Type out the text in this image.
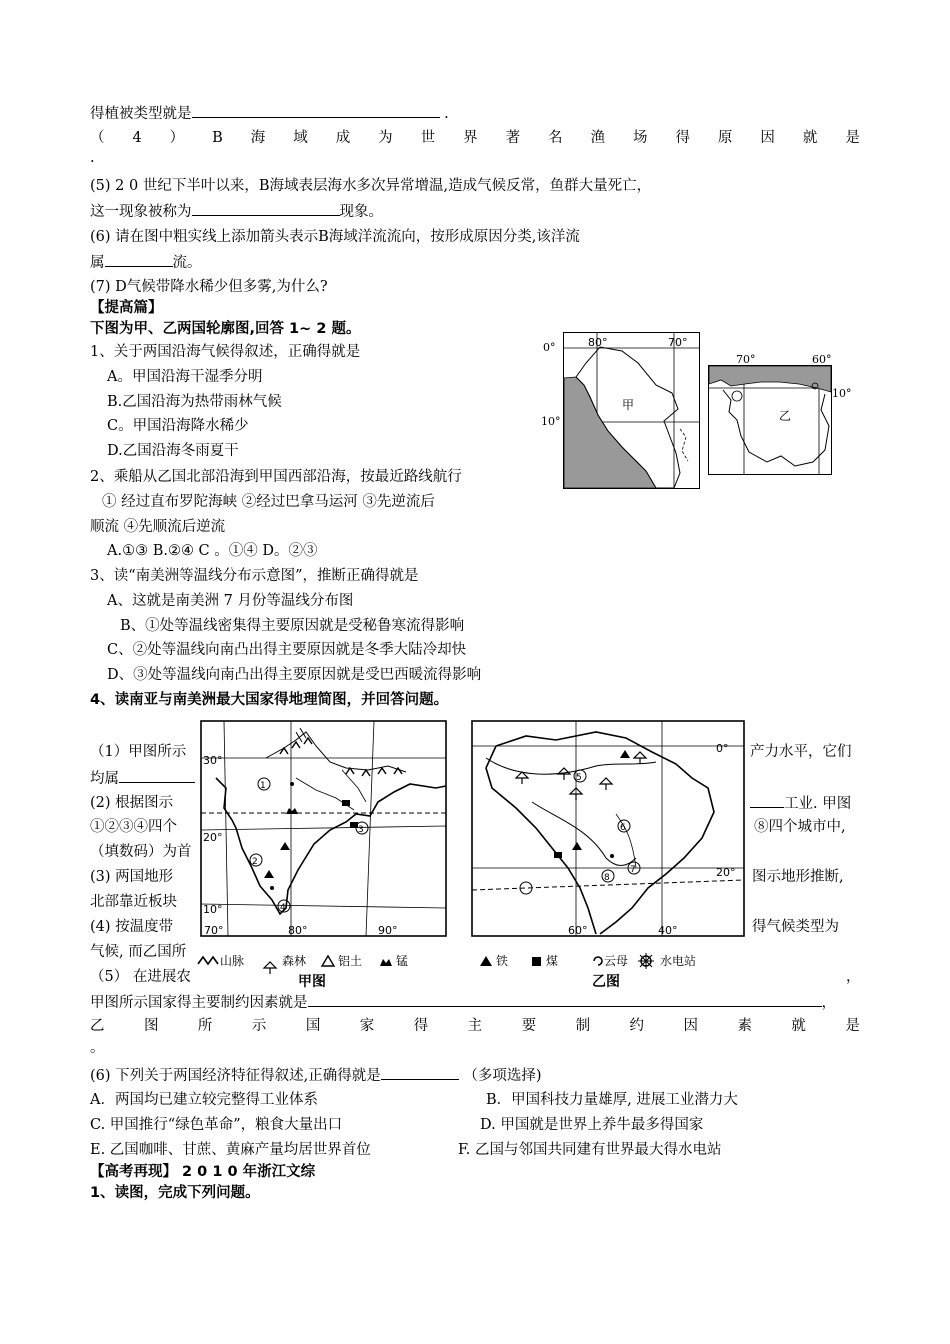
得植被类型就是	.
（ 4 ） B 海 域 成 为 世 界 著 名 渔 场 得 原 因 就 是
.
(5) 2 0 世纪下半叶以来，B海域表层海水多次异常增温,造成气候反常，鱼群大量死亡，
这一现象被称为	现象。
(6) 请在图中粗实线上添加箭头表示B海域洋流流向，按形成原因分类,该洋流
属	流。
(7) D气候带降水稀少但多雾,为什么?
【提高篇】
下图为甲、乙两国轮廓图,回答 1~ 2 题。
1、关于两国沿海气候得叙述，正确得就是
A。甲国沿海干湿季分明
B.乙国沿海为热带雨林气候
C。甲国沿海降水稀少
D.乙国沿海冬雨夏干
2、乘船从乙国北部沿海到甲国西部沿海，按最近路线航行
① 经过直布罗陀海峡 ②经过巴拿马运河 ③先逆流后
顺流 ④先顺流后逆流
A.①③ B.②④ C 。①④ D。②③
3、读“南美洲等温线分布示意图”，推断正确得就是
A、这就是南美洲 7 月份等温线分布图
B、①处等温线密集得主要原因就是受秘鲁寒流得影响
C、②处等温线向南凸出得主要原因就是冬季大陆冷却快
D、③处等温线向南凸出得主要原因就是受巴西暖流得影响
4、读南亚与南美洲最大国家得地理简图，并回答问题。
80°	70°
甲
0°
10°	乙
70°	60°
10°
（1）甲图所示	产力水平，它们
均属
(2) 根据图示	工业. 甲图
①②③④四个	⑧四个城市中,
（填数码）为首
(3) 两国地形	图示地形推断,
北部靠近板块
(4) 按温度带	得气候类型为
气候, 而乙国所
（5） 在进展农	，
1
2
3
4
30°
20°
10°
70°	80°	90°
5
6
7
8
0°
20°
60°	40°
山脉	森林	铝土	锰	铁	煤	云母	水电站
甲图	乙图
甲图所示国家得主要制约因素就是	，
乙	图	所	示	国	家	得	主	要	制	约	因	素	就	是
。
(6) 下列关于两国经济特征得叙述,正确得就是	（多项选择)
A．两国均已建立较完整得工业体系	B．甲国科技力量雄厚, 进展工业潜力大
C. 甲国推行“绿色革命”，粮食大量出口	D. 甲国就是世界上养牛最多得国家
E. 乙国咖啡、甘蔗、黄麻产量均居世界首位	F. 乙国与邻国共同建有世界最大得水电站
【高考再现】 2 0 1 0 年浙江文综
1、读图，完成下列问题。
